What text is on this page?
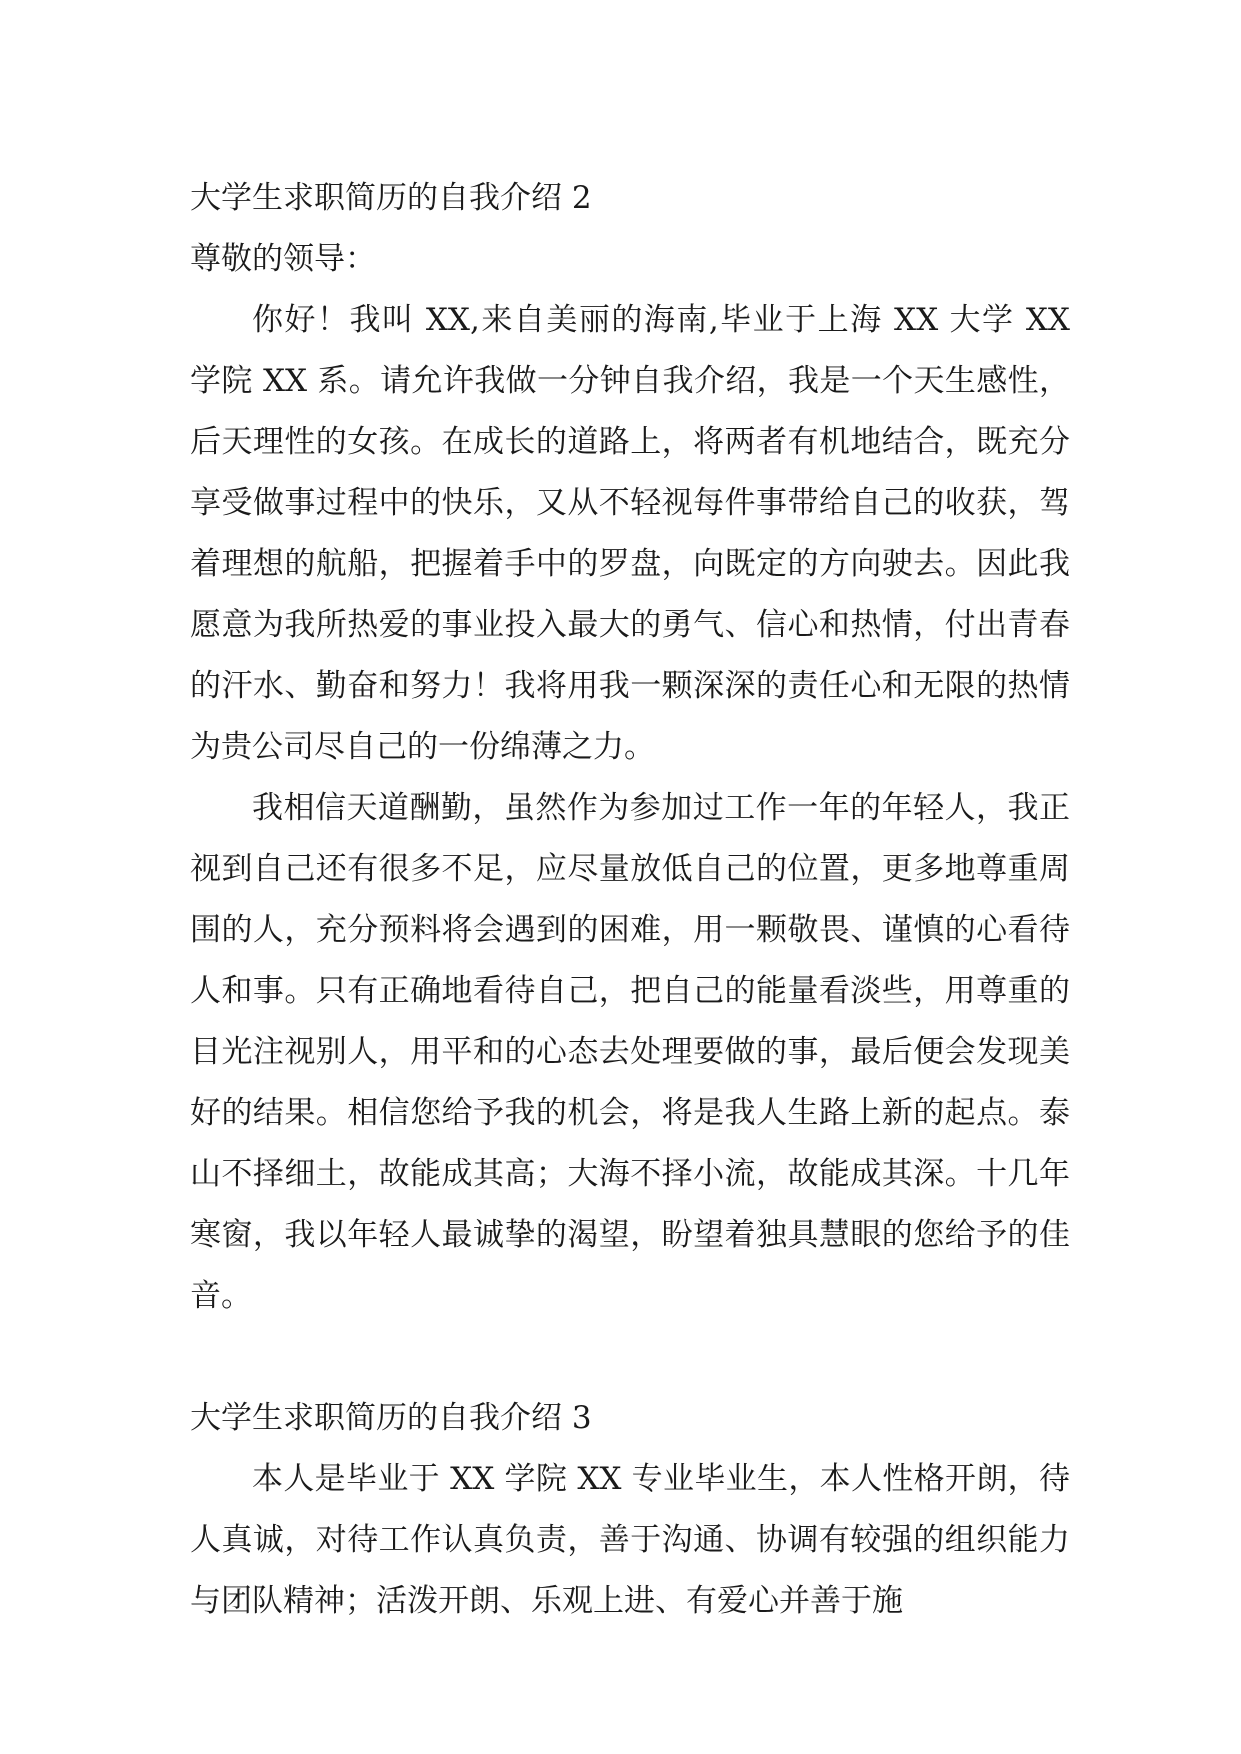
大学生求职简历的自我介绍 2

尊敬的领导：

你好！我叫 XX,来自美丽的海南,毕业于上海 XX 大学 XX 学院 XX 系。请允许我做一分钟自我介绍，我是一个天生感性，后天理性的女孩。在成长的道路上，将两者有机地结合，既充分享受做事过程中的快乐，又从不轻视每件事带给自己的收获，驾着理想的航船，把握着手中的罗盘，向既定的方向驶去。因此我愿意为我所热爱的事业投入最大的勇气、信心和热情，付出青春的汗水、勤奋和努力！我将用我一颗深深的责任心和无限的热情为贵公司尽自己的一份绵薄之力。

我相信天道酬勤，虽然作为参加过工作一年的年轻人，我正视到自己还有很多不足，应尽量放低自己的位置，更多地尊重周围的人，充分预料将会遇到的困难，用一颗敬畏、谨慎的心看待人和事。只有正确地看待自己，把自己的能量看淡些，用尊重的目光注视别人，用平和的心态去处理要做的事，最后便会发现美好的结果。相信您给予我的机会，将是我人生路上新的起点。泰山不择细土，故能成其高；大海不择小流，故能成其深。十几年寒窗，我以年轻人最诚挚的渴望，盼望着独具慧眼的您给予的佳音。

大学生求职简历的自我介绍 3

本人是毕业于 XX 学院 XX 专业毕业生，本人性格开朗，待人真诚，对待工作认真负责，善于沟通、协调有较强的组织能力与团队精神；活泼开朗、乐观上进、有爱心并善于施
